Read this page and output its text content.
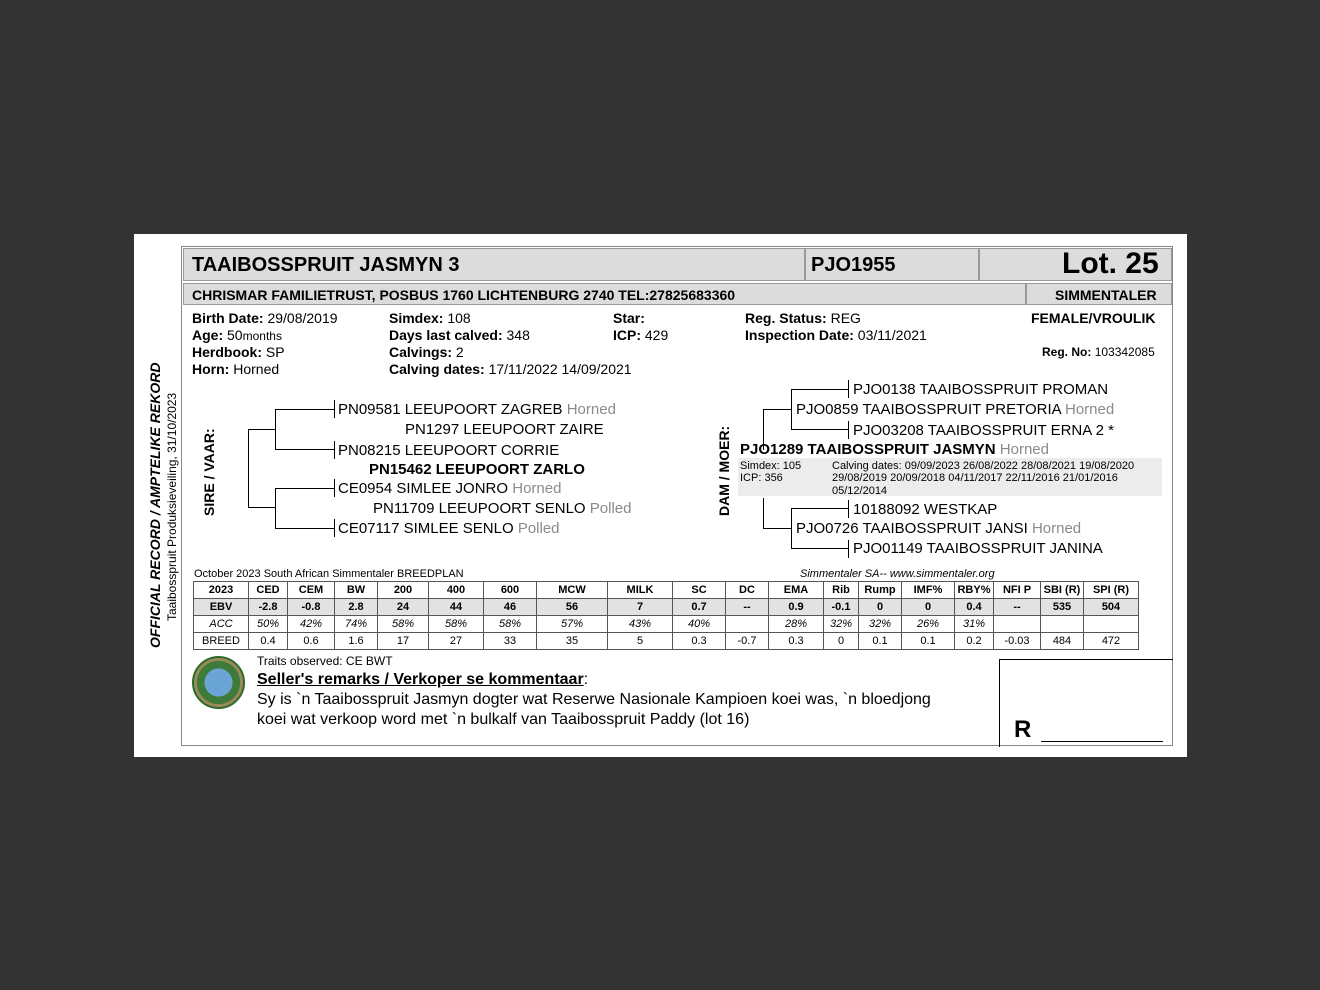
TAAIBOSSPRUIT JASMYN 3	PJO1955	Lot. 25
CHRISMAR FAMILIETRUST, POSBUS 1760 LICHTENBURG 2740 TEL:27825683360	SIMMENTALER
Birth Date: 29/08/2019
Age: 50months
Herdbook: SP
Horn: Horned
Simdex: 108
Days last calved: 348
Calvings: 2
Calving dates: 17/11/2022 14/09/2021
Star:
ICP: 429
Reg. Status: REG
Inspection Date: 03/11/2021
FEMALE/VROULIK
Reg. No: 103342085
OFFICIAL RECORD / AMPTELIKE REKORD Taaibosspruit Produksieveiling, 31/10/2023 SIRE / VAAR:
PN09581 LEEUPOORT ZAGREB Horned
PN1297 LEEUPOORT ZAIRE
PN08215 LEEUPOORT CORRIE
PN15462 LEEUPOORT ZARLO
CE0954 SIMLEE JONRO Horned
PN11709 LEEUPOORT SENLO Polled
CE07117 SIMLEE SENLO Polled
DAM / MOER:
PJO0138 TAAIBOSSPRUIT PROMAN
PJO0859 TAAIBOSSPRUIT PRETORIA Horned
PJO03208 TAAIBOSSPRUIT ERNA 2 *
PJO1289 TAAIBOSSPRUIT JASMYN Horned
Simdex: 105
ICP: 356
Calving dates: 09/09/2023 26/08/2022 28/08/2021 19/08/2020
29/08/2019 20/09/2018 04/11/2017 22/11/2016 21/01/2016
05/12/2014
10188092 WESTKAP
PJO0726 TAAIBOSSPRUIT JANSI Horned
PJO01149 TAAIBOSSPRUIT JANINA
October 2023 South African Simmentaler BREEDPLAN	Simmentaler SA-- www.simmentaler.org
2023	CED	CEM	BW	200	400	600	MCW	MILK	SC	DC	EMA	Rib	Rump	IMF%	RBY%	NFI P	SBI (R)	SPI (R)
EBV	-2.8	-0.8	2.8	24	44	46	56	7	0.7	--	0.9	-0.1	0	0	0.4	--	535	504
ACC	50%	42%	74%	58%	58%	58%	57%	43%	40%		28%	32%	32%	26%	31%			
BREED	0.4	0.6	1.6	17	27	33	35	5	0.3	-0.7	0.3	0	0.1	0.1	0.2	-0.03	484	472
Traits observed: CE BWT
Seller's remarks / Verkoper se kommentaar:
Sy is `n Taaibosspruit Jasmyn dogter wat Reserwe Nasionale Kampioen koei was, `n bloedjong
koei wat verkoop word met `n bulkalf van Taaibosspruit Paddy (lot 16)	R
